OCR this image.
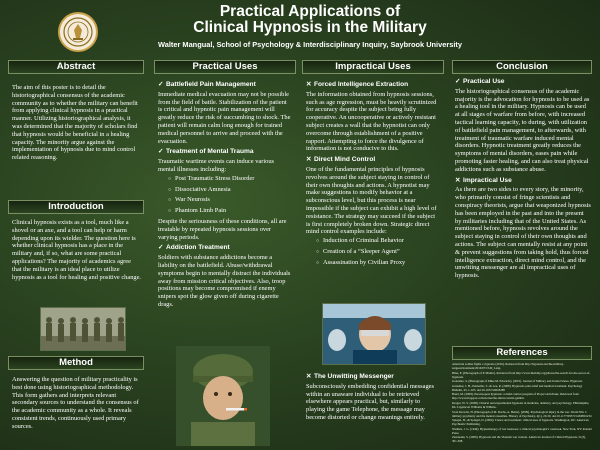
Practical Applications of
Clinical Hypnosis in the Military
Walter Mangual, School of Psychology & Interdisciplinary Inquiry, Saybrook University
Abstract
The aim of this poster is to detail the historiographical consensus of the academic community as to whether the military can benefit from applying clinical hypnosis in a practical manner. Utilizing historiographical analysis, it was determined that the majority of scholars find that hypnosis would be beneficial in a healing capacity. The minority argue against the implementation of hypnosis due to mind control related reasoning.
Introduction
Clinical hypnosis exists as a tool, much like a shovel or an axe, and a tool can help or harm depending upon its wielder. The question here is whether clinical hypnosis has a place in the military and, if so, what are some practical applications? The majority of academics agree that the military is an ideal place to utilize hypnosis as a tool for healing and positive change.
Method
Answering the question of military practicality is best done using historiographical methodology. This form gathers and interprets relevant secondary sources to understand the consensus of the academic community as a whole. It reveals consistent trends, continuously used primary sources.
Practical Uses
✓ Battlefield Pain Management
Immediate medical evacuation may not be possible from the field of battle. Stabilization of the patient is critical and hypnotic pain management will greatly reduce the risk of succumbing to shock. The patient will remain calm long enough for trained medical personnel to arrive and proceed with the evacuation.
✓ Treatment of Mental Trauma
Traumatic wartime events can induce various mental illnesses including:
○ Post Traumatic Stress Disorder
○ Dissociative Amnesia
○ War Neurosis
○ Phantom Limb Pain
Despite the seriousness of these conditions, all are treatable by repeated hypnosis sessions over varying periods.
✓ Addiction Treatment
Soldiers with substance addictions become a liability on the battlefield. Abuse/withdrawal symptoms begin to mentally distract the individuals away from mission critical objectives. Also, troop positions may become compromised if enemy snipers spot the glow given off during cigarette drags.
Impractical Uses
✕ Forced Intelligence Extraction
The information obtained from hypnosis sessions, such as age regression, must be heavily scrutinized for accuracy despite the subject being fully cooperative. An uncooperative or actively resistant subject creates a wall that the hypnotist can only overcome through establishment of a positive rapport. Attempting to force the divulgence of information is not conducive to this.
✕ Direct Mind Control
One of the fundamental principles of hypnosis revolves around the subject staying in control of their own thoughts and actions. A hypnotist may make suggestions to modify behavior at a subconscious level, but this process is near impossible if the subject can exhibit a high level of resistance. The strategy may succeed if the subject is first completely broken down. Strategic direct mind control examples include:
○ Induction of Criminal Behavior
○ Creation of a “Sleeper Agent”
○ Assassination by Civilian Proxy
✕ The Unwitting Messenger
Subconsciously embedding confidential messages within an unaware individual to be retrieved elsewhere appears practical, but, similarly to playing the game Telephone, the message may become distorted or change meanings entirely.
Conclusion
✓ Practical Use
The historiographical consensus of the academic majority is the advocation for hypnosis to be used as a healing tool in the military. Hypnosis can be used at all stages of warfare from before, with increased tactical learning capacity, to during, with utilization of battlefield pain management, to afterwards, with treatment of traumatic warfare induced mental disorders. Hypnotic treatment greatly reduces the symptoms of mental disorders, eases pain while promoting faster healing, and can also treat physical addictions such as substance abuse.
✕ Impractical Use
As there are two sides to every story, the minority, who primarily consist of fringe scientists and conspiracy theorists, argue that weaponized hypnosis has been employed in the past and into the present by militaries including that of the United States. As mentioned before, hypnosis revolves around the subject staying in control of their own thoughts and actions. The subject can mentally resist at any point & prevent suggestions from taking hold, thus forced intelligence extraction, direct mind control, and the unwitting messenger are all impractical uses of hypnosis.
References
American soldier fights a cigarette (2016). Retrieved from http://hypnosis.net/the-military-surgeon/treatment/2016/07/1540_Lang.
Bliss, E. (Photograph of P. Muller). Retrieved from http://www.thedaily.org/photos/the-search-for-the-secret-of-hypnosis.
Gonzalez, S. (Photograph of Mike M. Edwards). (2001). Journal of Military and United States. Hypnosis.
Gruzelier, J. H., Pennelitz, T., & Lee, R. (2008). Hypnosis: pain relief and medical treatment. Psychology Bulletin, 43, 1-105. doi:10.1037/a0018288
Hand, M. (2008). Paratroopers hypnosis: a mind control program of Project Artichoke. Retrieved from http://www.blogspot.com/stories/the-mind-control-gambit.
Kroger, W. S. (2008). Clinical and experimental hypnosis in medicine, dentistry, and psychology. Philadelphia, PA: Lippincott Williams & Wilkins.
Scott Kiewitz, H. (Photograph of M. Dachs, A. Heinz). (2009). Psychological injury in the war. World War 1: military psychiatry and the mental casualties. History of Psychiatry, 4(1), 20-30. doi:10.1177/0957154X0801234
Spiegel, H., & Spiegel, D. (2004). Trance and treatment: clinical uses of hypnosis. Washington, DC: American Psychiatric Publishing.
Watkins, J. G. (1949). Hypnotherapy of war neuroses: a clinical psychologist's casebook. New York, NY: Ronald Press.
Zaurnoski, S. (2009). Hypnosis and the Vietnam war veteran. American Journal of Clinical Hypnosis, 51(3), 301-308.
